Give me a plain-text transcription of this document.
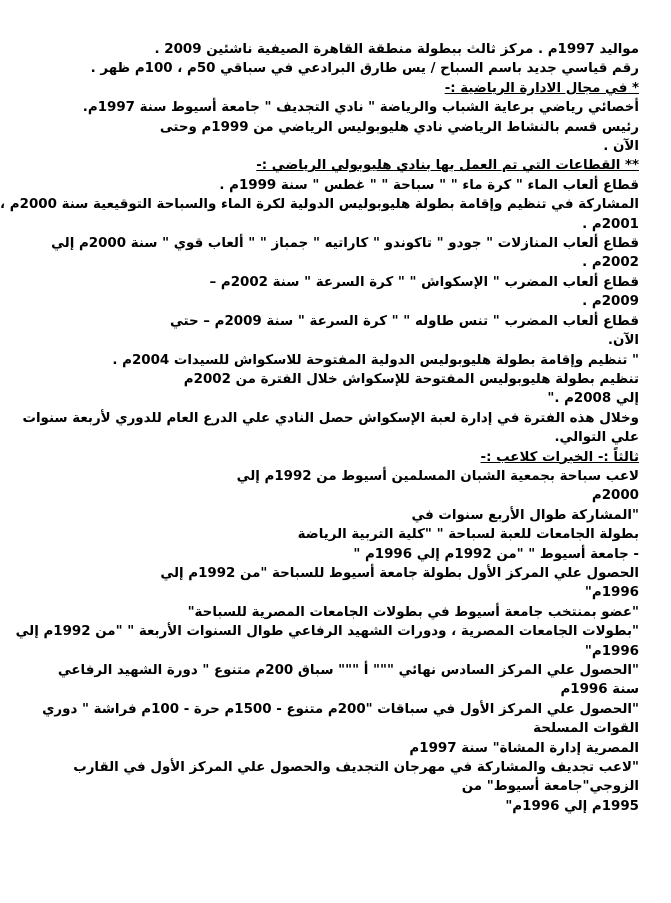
مواليد 1997م . مركز ثالث ببطولة منطقة القاهرة الصيفية ناشئين 2009 .
رقم قياسي جديد باسم السباح / يس طارق البرادعي في سباقي 50م ، 100م ظهر .
* في مجال الادارة الرياضية :-
أخصائي رياضي برعاية الشباب والرياضة " نادي التجديف " جامعة أسيوط سنة 1997م.
رئيس قسم بالنشاط الرياضي نادي هليوبوليس الرياضي من 1999م وحتى
الآن .
** القطاعات التي تم العمل بها بنادي هليوبولي الرياضي :-
قطاع ألعاب الماء " كرة ماء " " سباحة " " غطس " سنة 1999م .
المشاركة في تنظيم وإقامة بطولة هليوبوليس الدولية لكرة الماء والسباحة التوقيعية سنة 2000م ،
2001م .
قطاع ألعاب المنازلات " جودو " تاكوندو " كاراتيه " جمباز " " ألعاب قوي " سنة 2000م إلي
2002م .
قطاع ألعاب المضرب " الإسكواش " " كرة السرعة " سنة 2002م –
2009م .
قطاع ألعاب المضرب " تنس طاوله " " كرة السرعة " سنة 2009م – حتي
الآن.
" تنظيم وإقامة بطولة هليوبوليس الدولية المفتوحة للاسكواش للسيدات 2004م .
تنظيم بطولة هليوبوليس المفتوحة للإسكواش خلال الفترة من 2002م
إلي 2008م ."
وخلال هذه الفترة في إدارة لعبة الإسكواش حصل النادي علي الدرع العام للدوري لأربعة سنوات
علي التوالي.
ثالثاً :- الخبرات كلاعب :-
لاعب سباحة بجمعية الشبان المسلمين أسيوط من 1992م إلي
2000م
"المشاركة طوال الأربع سنوات في
بطولة الجامعات للعبة لسباحة " "كلية التربية الرياضة
- جامعة أسيوط " "من 1992م إلي 1996م "
الحصول علي المركز الأول بطولة جامعة أسيوط للسباحة "من 1992م إلي
1996م"
"عضو بمنتخب جامعة أسيوط في بطولات الجامعات المصرية للسباحة"
"بطولات الجامعات المصرية ، ودورات الشهيد الرفاعي طوال السنوات الأربعة " "من 1992م إلي
1996م"
"الحصول علي المركز السادس نهائي """ أ """ سباق 200م متنوع " دورة الشهيد الرفاعي
سنة 1996م
"الحصول علي المركز الأول في سباقات "200م متنوع - 1500م حرة - 100م فراشة " دوري
القوات المسلحة
المصرية إدارة المشاة" سنة 1997م
"لاعب تجديف والمشاركة في مهرجان التجديف والحصول علي المركز الأول في القارب
الزوجي"جامعة أسيوط" من
1995م إلي 1996م"
